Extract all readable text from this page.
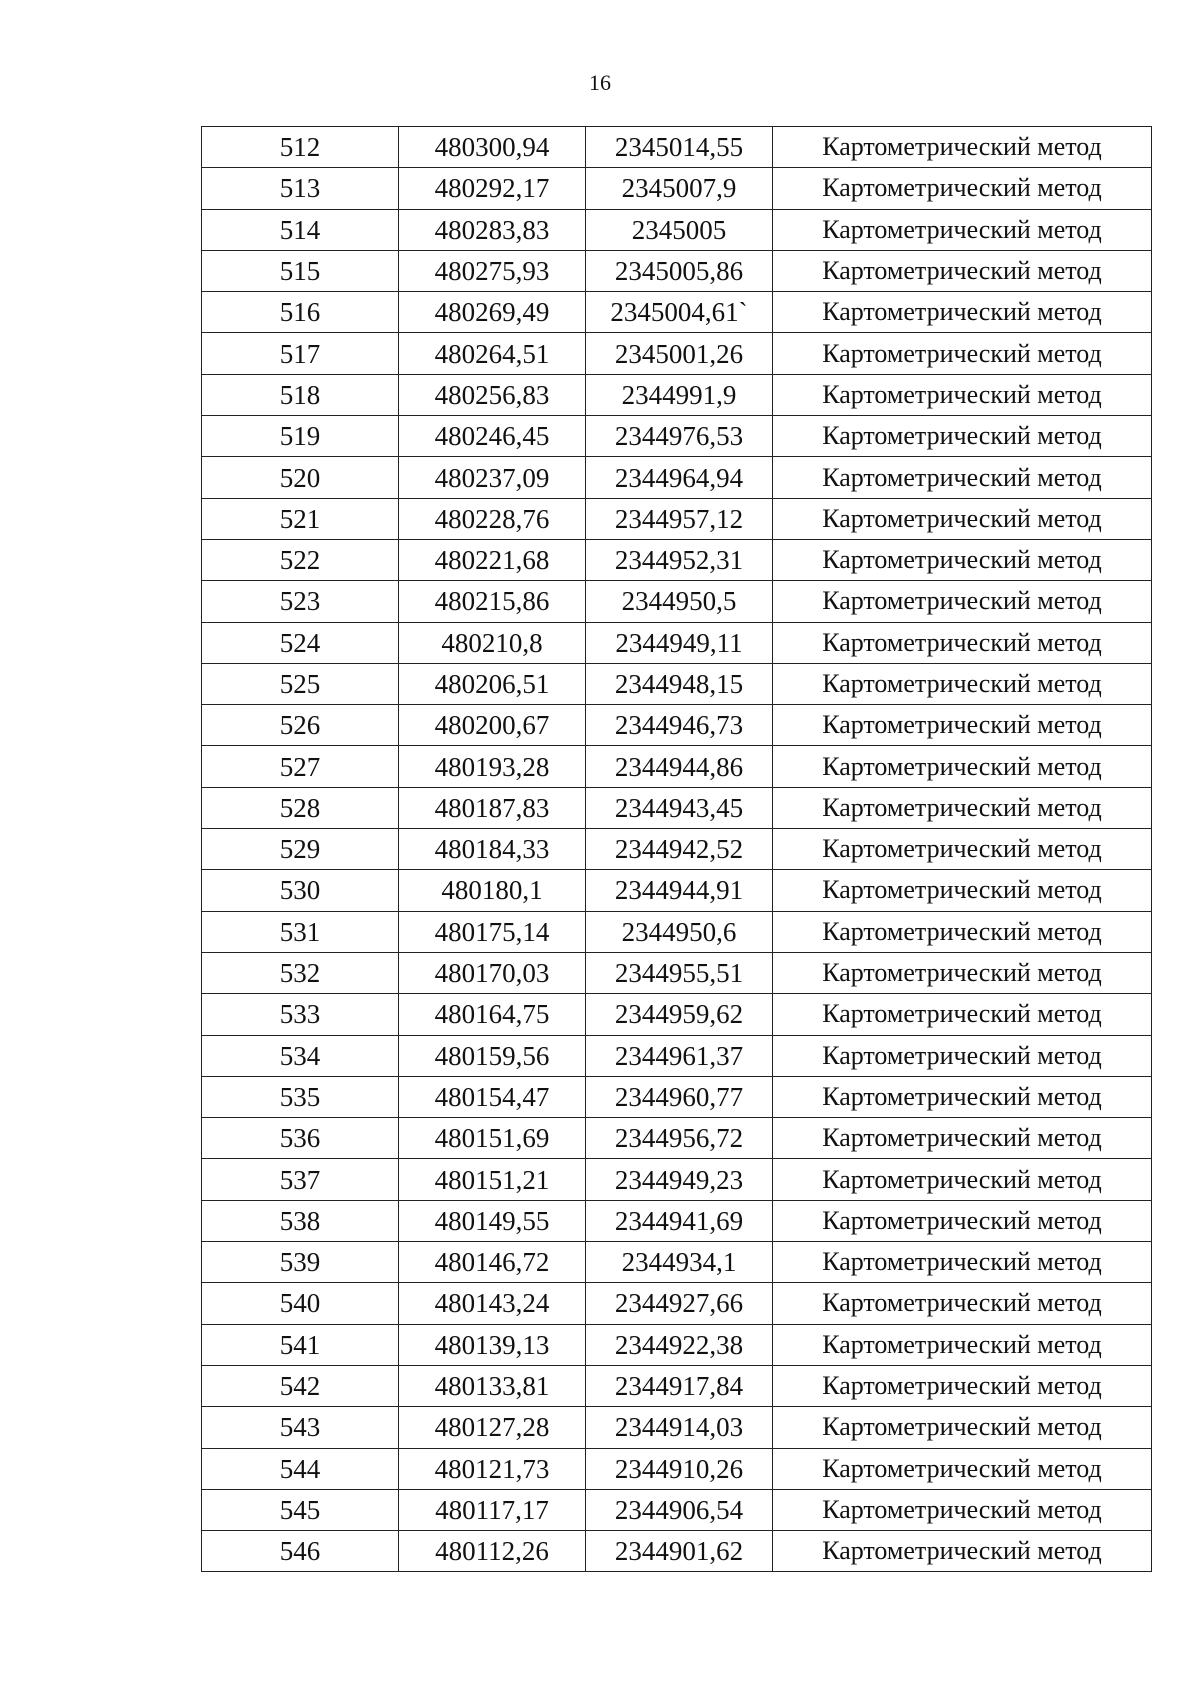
16
512	480300,94	2345014,55	Картометрический метод
513	480292,17	2345007,9	Картометрический метод
514	480283,83	2345005	Картометрический метод
515	480275,93	2345005,86	Картометрический метод
516	480269,49	2345004,61`	Картометрический метод
517	480264,51	2345001,26	Картометрический метод
518	480256,83	2344991,9	Картометрический метод
519	480246,45	2344976,53	Картометрический метод
520	480237,09	2344964,94	Картометрический метод
521	480228,76	2344957,12	Картометрический метод
522	480221,68	2344952,31	Картометрический метод
523	480215,86	2344950,5	Картометрический метод
524	480210,8	2344949,11	Картометрический метод
525	480206,51	2344948,15	Картометрический метод
526	480200,67	2344946,73	Картометрический метод
527	480193,28	2344944,86	Картометрический метод
528	480187,83	2344943,45	Картометрический метод
529	480184,33	2344942,52	Картометрический метод
530	480180,1	2344944,91	Картометрический метод
531	480175,14	2344950,6	Картометрический метод
532	480170,03	2344955,51	Картометрический метод
533	480164,75	2344959,62	Картометрический метод
534	480159,56	2344961,37	Картометрический метод
535	480154,47	2344960,77	Картометрический метод
536	480151,69	2344956,72	Картометрический метод
537	480151,21	2344949,23	Картометрический метод
538	480149,55	2344941,69	Картометрический метод
539	480146,72	2344934,1	Картометрический метод
540	480143,24	2344927,66	Картометрический метод
541	480139,13	2344922,38	Картометрический метод
542	480133,81	2344917,84	Картометрический метод
543	480127,28	2344914,03	Картометрический метод
544	480121,73	2344910,26	Картометрический метод
545	480117,17	2344906,54	Картометрический метод
546	480112,26	2344901,62	Картометрический метод
